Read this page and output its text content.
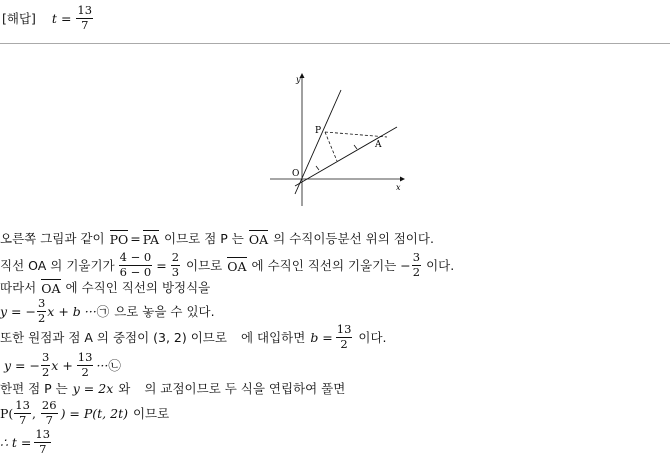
[해답] $t = \frac{13}{7}$
y
x
O
P
A
오른쪽 그림과 같이 PO = PA 이므로 점 P 는 OA 의 수직이등분선 위의 점이다.
직선 OA 의 기울기가 $\frac{4 - 0}{6 - 0} = \frac{2}{3}$ 이므로 OA 에 수직인 직선의 기울기는 − $\frac{3}{2}$ 이다.
따라서 OA 에 수직인 직선의 방정식을
y = − $\frac{3}{2}$ x + b ··· ㉠ 으로 놓을 수 있다.
또한 원점과 점 A 의 중점이 (3, 2) 이므로 에 대입하면 $b = \frac{13}{2}$ 이다.
y = − $\frac{3}{2}$ $x + \frac{13}{2}$ ··· ㉡
한편 점 P 는 y = 2x 와 의 교점이므로 두 식을 연립하여 풀면
$P( \frac{13}{7}$ , $\frac{26}{7}$ ) = P(t, 2t) 이므로
∴ $t = \frac{13}{7}$
